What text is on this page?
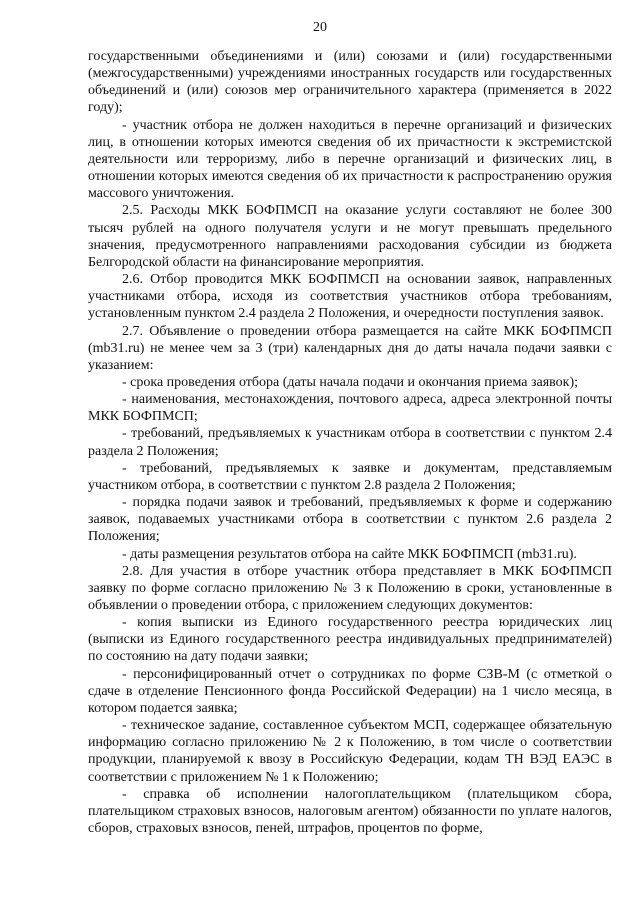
20

государственными объединениями и (или) союзами и (или) государственными (межгосударственными) учреждениями иностранных государств или государственных объединений и (или) союзов мер ограничительного характера (применяется в 2022 году);

- участник отбора не должен находиться в перечне организаций и физических лиц, в отношении которых имеются сведения об их причастности к экстремистской деятельности или терроризму, либо в перечне организаций и физических лиц, в отношении которых имеются сведения об их причастности к распространению оружия массового уничтожения.

2.5. Расходы МКК БОФПМСП на оказание услуги составляют не более 300 тысяч рублей на одного получателя услуги и не могут превышать предельного значения, предусмотренного направлениями расходования субсидии из бюджета Белгородской области на финансирование мероприятия.

2.6. Отбор проводится МКК БОФПМСП на основании заявок, направленных участниками отбора, исходя из соответствия участников отбора требованиям, установленным пунктом 2.4 раздела 2 Положения, и очередности поступления заявок.

2.7. Объявление о проведении отбора размещается на сайте МКК БОФПМСП (mb31.ru) не менее чем за 3 (три) календарных дня до даты начала подачи заявки с указанием:

- срока проведения отбора (даты начала подачи и окончания приема заявок);

- наименования, местонахождения, почтового адреса, адреса электронной почты МКК БОФПМСП;

- требований, предъявляемых к участникам отбора в соответствии с пунктом 2.4 раздела 2 Положения;

- требований, предъявляемых к заявке и документам, представляемым участником отбора, в соответствии с пунктом 2.8 раздела 2 Положения;

- порядка подачи заявок и требований, предъявляемых к форме и содержанию заявок, подаваемых участниками отбора в соответствии с пунктом 2.6 раздела 2 Положения;

- даты размещения результатов отбора на сайте МКК БОФПМСП (mb31.ru).

2.8. Для участия в отборе участник отбора представляет в МКК БОФПМСП заявку по форме согласно приложению № 3 к Положению в сроки, установленные в объявлении о проведении отбора, с приложением следующих документов:

- копия выписки из Единого государственного реестра юридических лиц (выписки из Единого государственного реестра индивидуальных предпринимателей) по состоянию на дату подачи заявки;

- персонифицированный отчет о сотрудниках по форме СЗВ-М (с отметкой о сдаче в отделение Пенсионного фонда Российской Федерации) на 1 число месяца, в котором подается заявка;

- техническое задание, составленное субъектом МСП, содержащее обязательную информацию согласно приложению № 2 к Положению, в том числе о соответствии продукции, планируемой к ввозу в Российскую Федерации, кодам ТН ВЭД ЕАЭС в соответствии с приложением № 1 к Положению;

- справка об исполнении налогоплательщиком (плательщиком сбора, плательщиком страховых взносов, налоговым агентом) обязанности по уплате налогов, сборов, страховых взносов, пеней, штрафов, процентов по форме,
